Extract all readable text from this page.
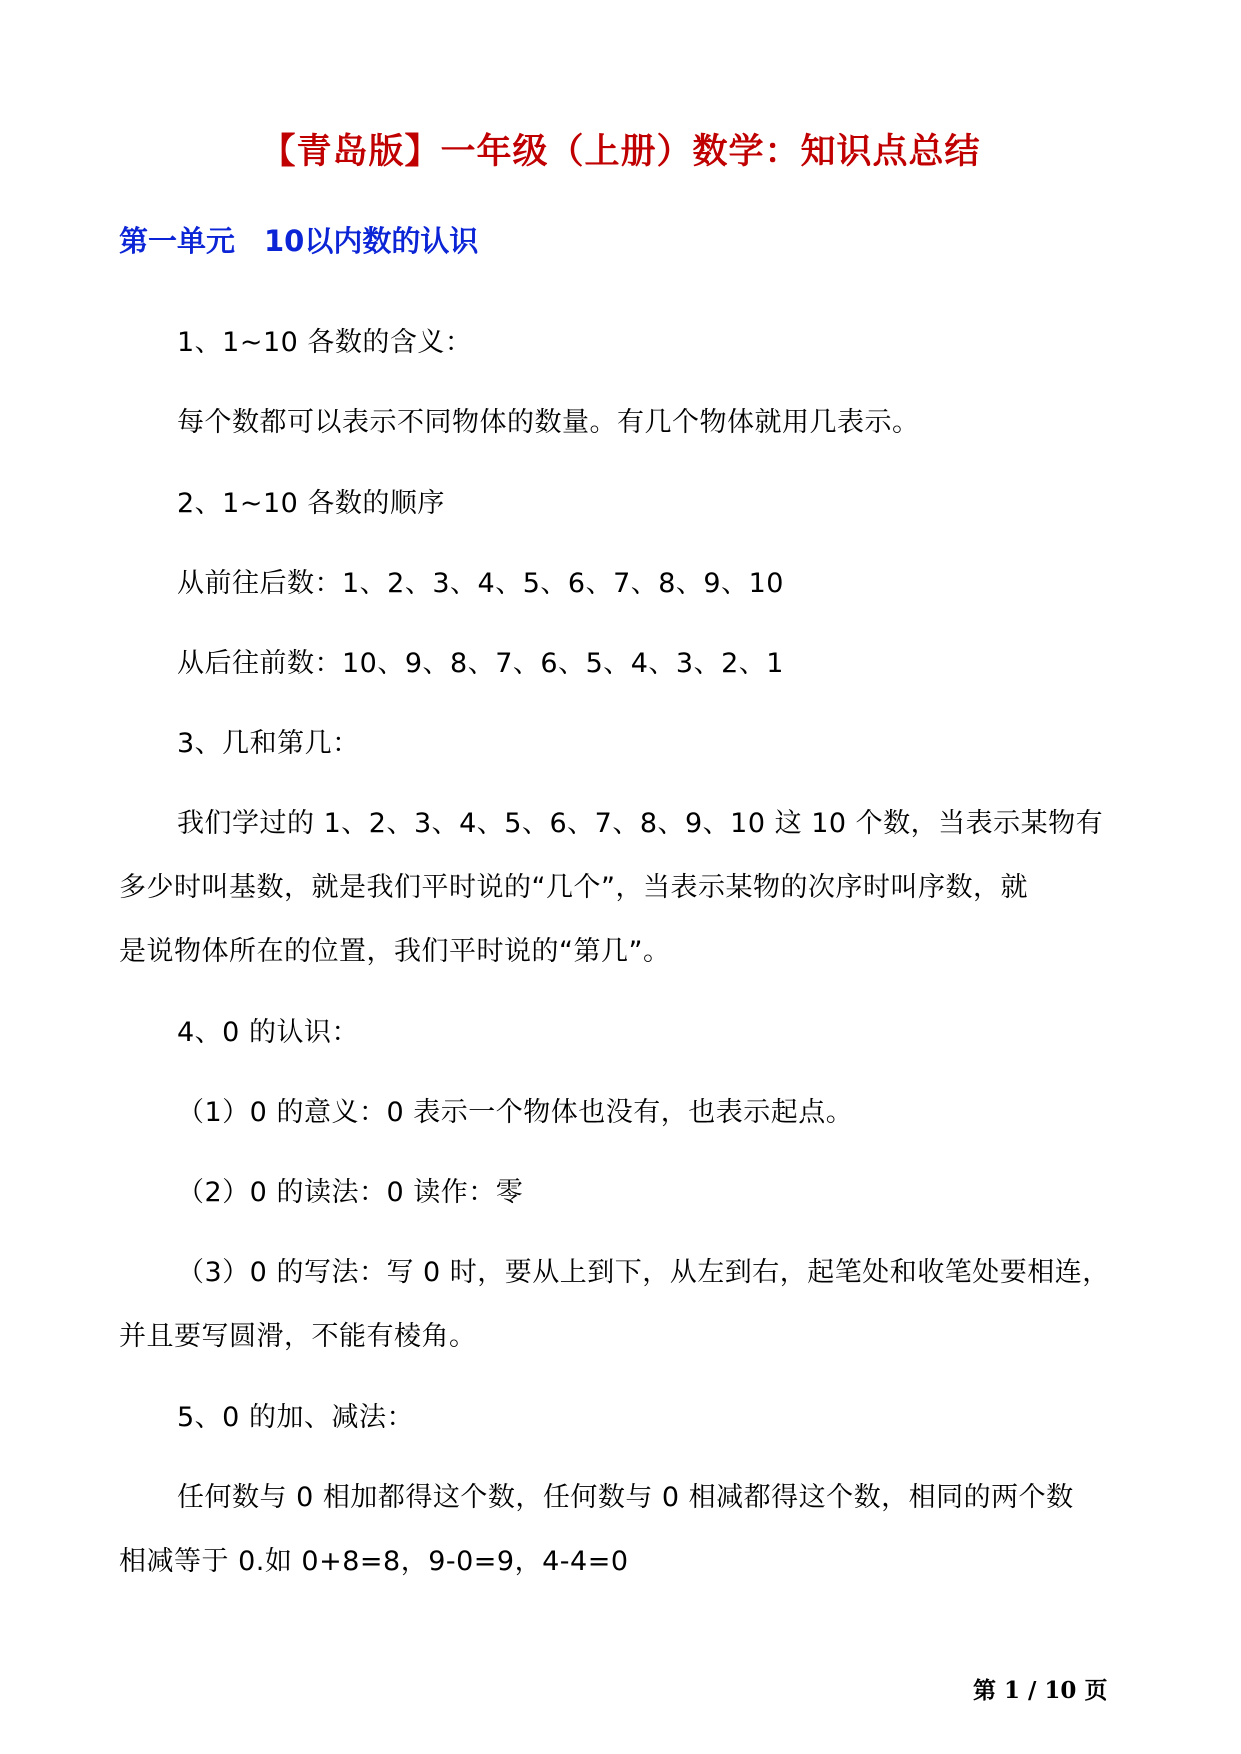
【青岛版】一年级（上册）数学：知识点总结
第一单元　10以内数的认识
1、1~10 各数的含义：
每个数都可以表示不同物体的数量。有几个物体就用几表示。
2、1~10 各数的顺序
从前往后数：1、2、3、4、5、6、7、8、9、10
从后往前数：10、9、8、7、6、5、4、3、2、1
3、几和第几：
我们学过的 1、2、3、4、5、6、7、8、9、10 这 10 个数，当表示某物有
多少时叫基数，就是我们平时说的“几个”，当表示某物的次序时叫序数，就
是说物体所在的位置，我们平时说的“第几”。
4、0 的认识：
（1）0 的意义：0 表示一个物体也没有，也表示起点。
（2）0 的读法：0 读作：零
（3）0 的写法：写 0 时，要从上到下，从左到右，起笔处和收笔处要相连，
并且要写圆滑，不能有棱角。
5、0 的加、减法：
任何数与 0 相加都得这个数，任何数与 0 相减都得这个数，相同的两个数
相减等于 0.如 0+8=8，9-0=9，4-4=0
第 1 / 10 页
